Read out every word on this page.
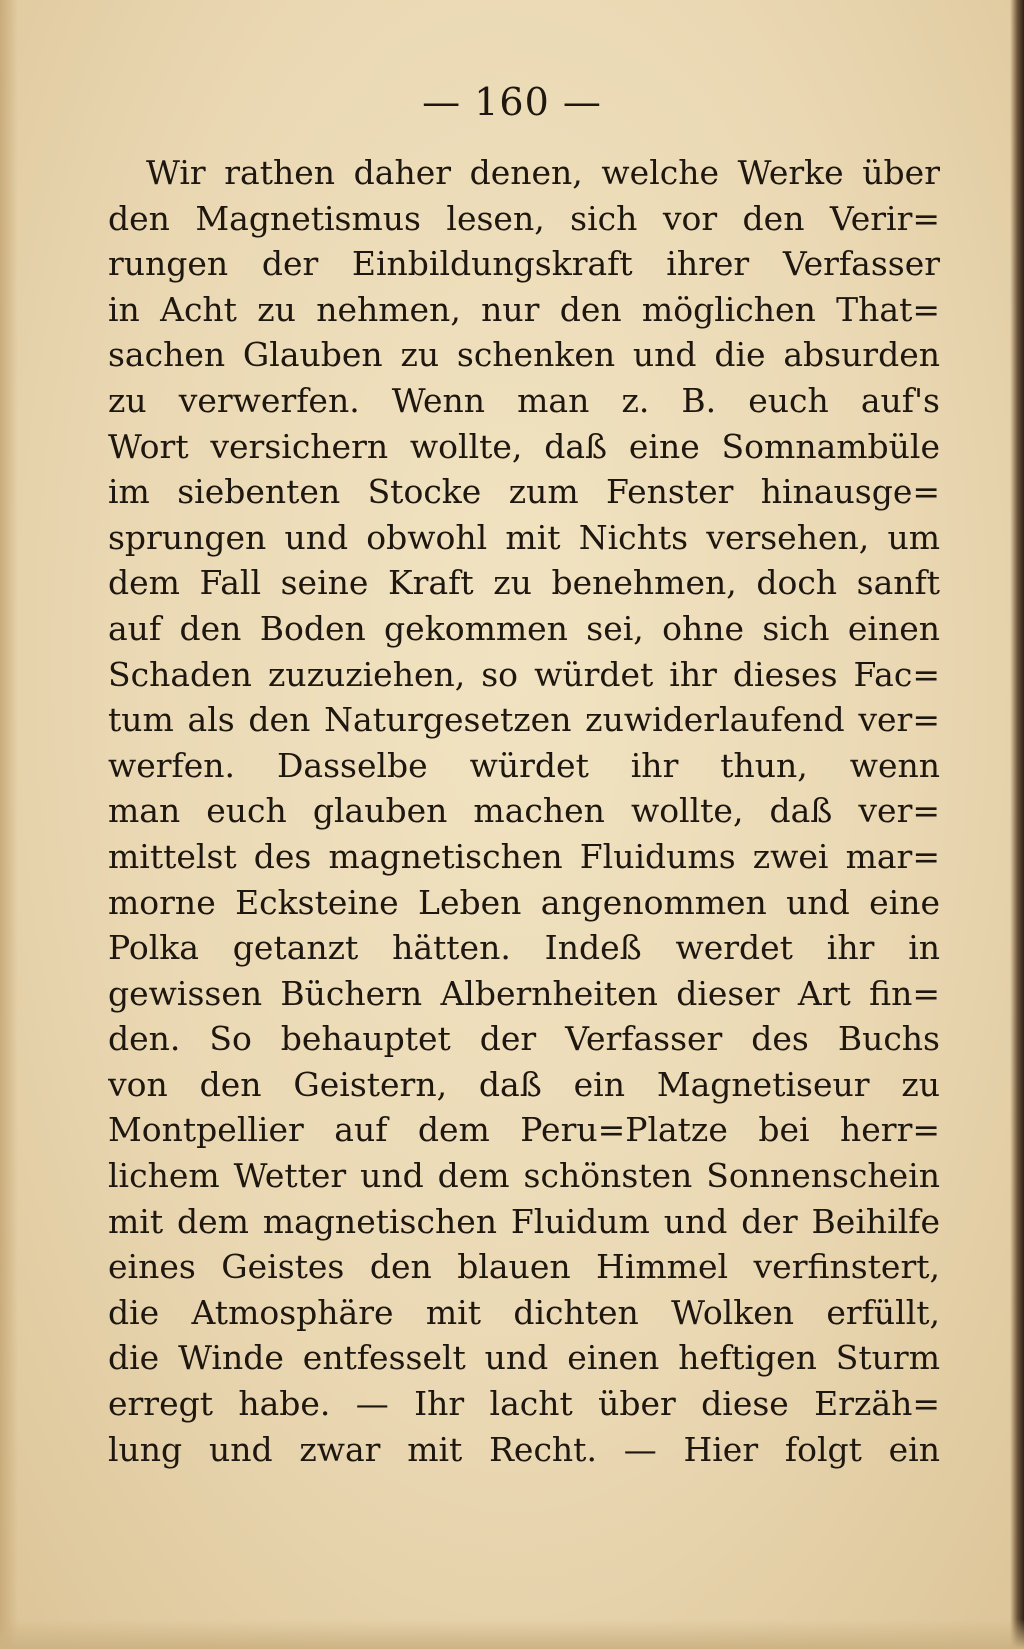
— 160 —
Wir rathen daher denen, welche Werke über
den Magnetismus lesen, sich vor den Verir=
rungen der Einbildungskraft ihrer Verfasser
in Acht zu nehmen, nur den möglichen That=
sachen Glauben zu schenken und die absurden
zu verwerfen. Wenn man z. B. euch auf's
Wort versichern wollte, daß eine Somnambüle
im siebenten Stocke zum Fenster hinausge=
sprungen und obwohl mit Nichts versehen, um
dem Fall seine Kraft zu benehmen, doch sanft
auf den Boden gekommen sei, ohne sich einen
Schaden zuzuziehen, so würdet ihr dieses Fac=
tum als den Naturgesetzen zuwiderlaufend ver=
werfen. Dasselbe würdet ihr thun, wenn
man euch glauben machen wollte, daß ver=
mittelst des magnetischen Fluidums zwei mar=
morne Ecksteine Leben angenommen und eine
Polka getanzt hätten. Indeß werdet ihr in
gewissen Büchern Albernheiten dieser Art fin=
den. So behauptet der Verfasser des Buchs
von den Geistern, daß ein Magnetiseur zu
Montpellier auf dem Peru=Platze bei herr=
lichem Wetter und dem schönsten Sonnenschein
mit dem magnetischen Fluidum und der Beihilfe
eines Geistes den blauen Himmel verfinstert,
die Atmosphäre mit dichten Wolken erfüllt,
die Winde entfesselt und einen heftigen Sturm
erregt habe. — Ihr lacht über diese Erzäh=
lung und zwar mit Recht. — Hier folgt ein
